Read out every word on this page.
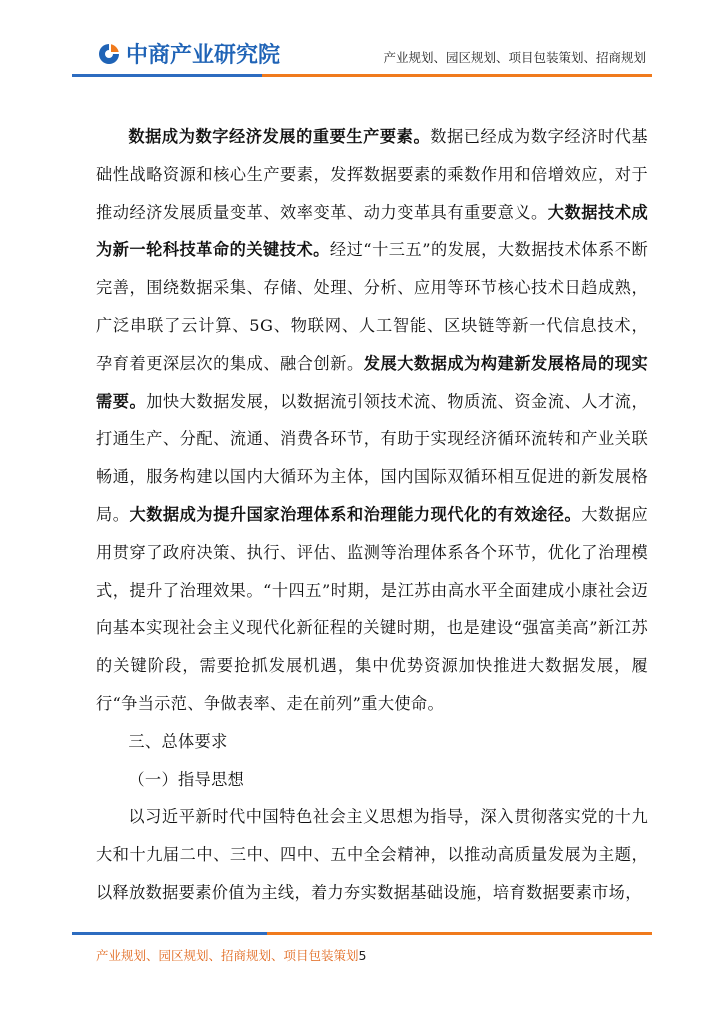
中商产业研究院	产业规划、园区规划、项目包装策划、招商规划

数据成为数字经济发展的重要生产要素。数据已经成为数字经济时代基础性战略资源和核心生产要素，发挥数据要素的乘数作用和倍增效应，对于推动经济发展质量变革、效率变革、动力变革具有重要意义。大数据技术成为新一轮科技革命的关键技术。经过“十三五”的发展，大数据技术体系不断完善，围绕数据采集、存储、处理、分析、应用等环节核心技术日趋成熟，广泛串联了云计算、5G、物联网、人工智能、区块链等新一代信息技术，孕育着更深层次的集成、融合创新。发展大数据成为构建新发展格局的现实需要。加快大数据发展，以数据流引领技术流、物质流、资金流、人才流，打通生产、分配、流通、消费各环节，有助于实现经济循环流转和产业关联畅通，服务构建以国内大循环为主体，国内国际双循环相互促进的新发展格局。大数据成为提升国家治理体系和治理能力现代化的有效途径。大数据应用贯穿了政府决策、执行、评估、监测等治理体系各个环节，优化了治理模式，提升了治理效果。“十四五”时期，是江苏由高水平全面建成小康社会迈向基本实现社会主义现代化新征程的关键时期，也是建设“强富美高”新江苏的关键阶段，需要抢抓发展机遇，集中优势资源加快推进大数据发展，履行“争当示范、争做表率、走在前列”重大使命。

三、总体要求

（一）指导思想

以习近平新时代中国特色社会主义思想为指导，深入贯彻落实党的十九大和十九届二中、三中、四中、五中全会精神，以推动高质量发展为主题，以释放数据要素价值为主线，着力夯实数据基础设施，培育数据要素市场，

产业规划、园区规划、招商规划、项目包装策划5
